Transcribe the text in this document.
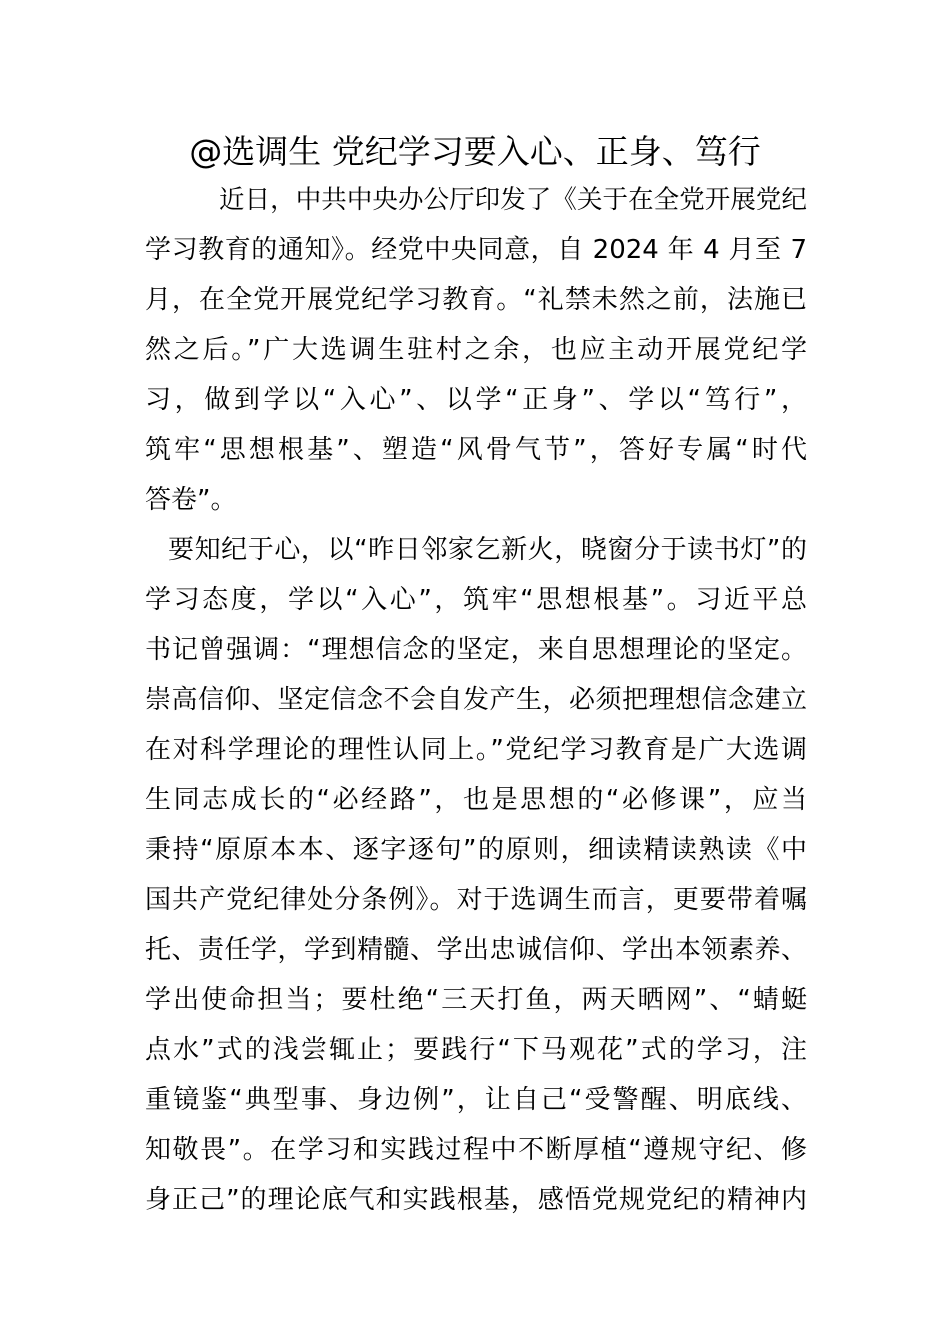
@选调生 党纪学习要入心、正身、笃行
近日，中共中央办公厅印发了《关于在全党开展党纪
学习教育的通知》。经党中央同意，自 2024 年 4 月至 7
月，在全党开展党纪学习教育。“礼禁未然之前，法施已
然之后。”广大选调生驻村之余，也应主动开展党纪学
习，做到学以“入心”、以学“正身”、学以“笃行”，
筑牢“思想根基”、塑造“风骨气节”，答好专属“时代
答卷”。
要知纪于心，以“昨日邻家乞新火，晓窗分于读书灯”的
学习态度，学以“入心”，筑牢“思想根基”。习近平总
书记曾强调：“理想信念的坚定，来自思想理论的坚定。
崇高信仰、坚定信念不会自发产生，必须把理想信念建立
在对科学理论的理性认同上。”党纪学习教育是广大选调
生同志成长的“必经路”，也是思想的“必修课”，应当
秉持“原原本本、逐字逐句”的原则，细读精读熟读《中
国共产党纪律处分条例》。对于选调生而言，更要带着嘱
托、责任学，学到精髓、学出忠诚信仰、学出本领素养、
学出使命担当；要杜绝“三天打鱼，两天晒网”、“蜻蜓
点水”式的浅尝辄止；要践行“下马观花”式的学习，注
重镜鉴“典型事、身边例”，让自己“受警醒、明底线、
知敬畏”。在学习和实践过程中不断厚植“遵规守纪、修
身正己”的理论底气和实践根基，感悟党规党纪的精神内
